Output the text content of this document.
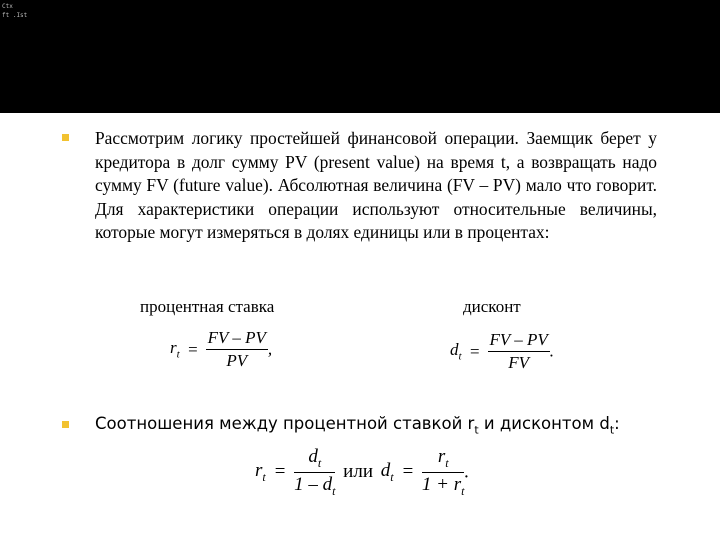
Ctx
ft .Ist
Рассмотрим логику простейшей финансовой операции. Заемщик берет у кредитора в долг сумму PV (present value) на время t, а возвращать надо сумму FV (future value). Абсолютная величина (FV – PV) мало что говорит. Для характеристики операции используют относительные величины, которые могут измеряться в долях единицы или в процентах:
процентная ставка	дисконт
$r_t = \frac{FV - PV}{PV}$ ,	$d_t = \frac{FV - PV}{FV}$ .
Соотношения между процентной ставкой $r_t$ и дисконтом $d_t$:
$r_t = \frac{d_t}{1 - d_t}$ или $d_t = \frac{r_t}{1 + r_t}$ .
